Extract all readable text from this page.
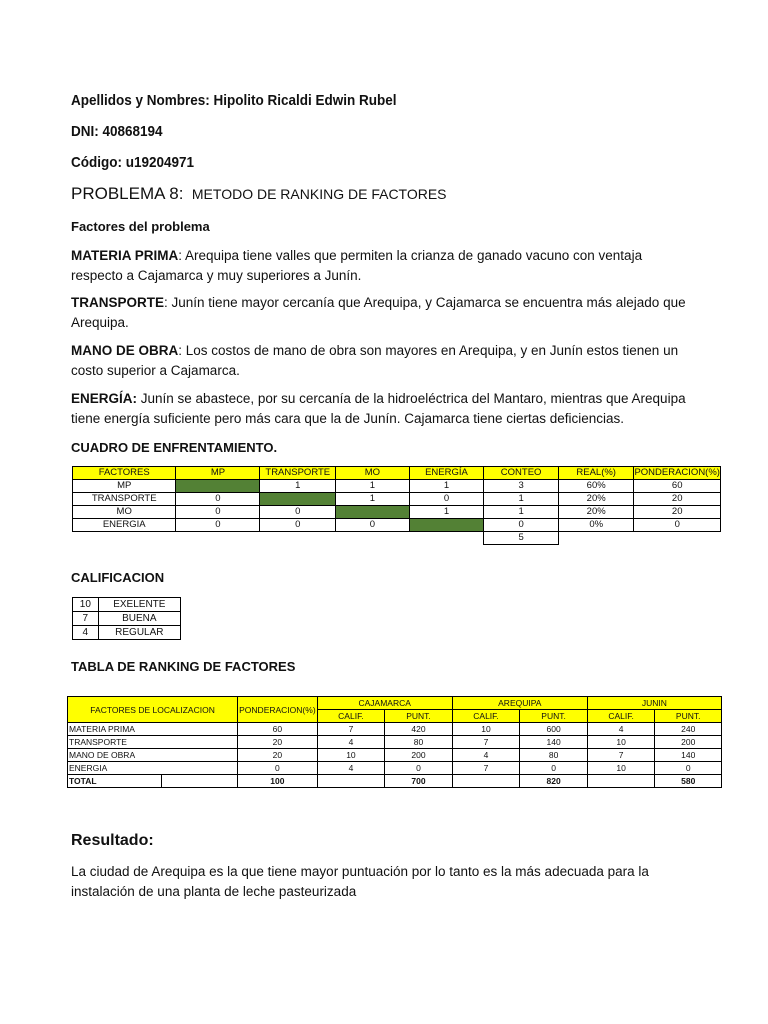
Apellidos y Nombres: Hipolito Ricaldi Edwin Rubel
DNI: 40868194
Código: u19204971
PROBLEMA 8: METODO DE RANKING DE FACTORES
Factores del problema
MATERIA PRIMA: Arequipa tiene valles que permiten la crianza de ganado vacuno con ventaja respecto a Cajamarca y muy superiores a Junín.
TRANSPORTE: Junín tiene mayor cercanía que Arequipa, y Cajamarca se encuentra más alejado que Arequipa.
MANO DE OBRA: Los costos de mano de obra son mayores en Arequipa, y en Junín estos tienen un costo superior a Cajamarca.
ENERGÍA: Junín se abastece, por su cercanía de la hidroeléctrica del Mantaro, mientras que Arequipa tiene energía suficiente pero más cara que la de Junín. Cajamarca tiene ciertas deficiencias.
CUADRO DE ENFRENTAMIENTO.
FACTORES	MP	TRANSPORTE	MO	ENERGÍA	CONTEO	REAL(%)	PONDERACION(%)
MP		1	1	1	3	60%	60
TRANSPORTE	0		1	0	1	20%	20
MO	0	0		1	1	20%	20
ENERGIA	0	0	0		0	0%	0
					5		
CALIFICACION
10	EXELENTE
7	BUENA
4	REGULAR
TABLA DE RANKING DE FACTORES
FACTORES DE LOCALIZACION		PONDERACION(%)	CAJAMARCA		AREQUIPA		JUNIN	
			CALIF.	PUNT.	CALIF.	PUNT.	CALIF.	PUNT.
MATERIA PRIMA		60	7	420	10	600	4	240
TRANSPORTE		20	4	80	7	140	10	200
MANO DE OBRA		20	10	200	4	80	7	140
ENERGIA		0	4	0	7	0	10	0
TOTAL		100		700		820		580
Resultado:
La ciudad de Arequipa es la que tiene mayor puntuación por lo tanto es la más adecuada para la instalación de una planta de leche pasteurizada
